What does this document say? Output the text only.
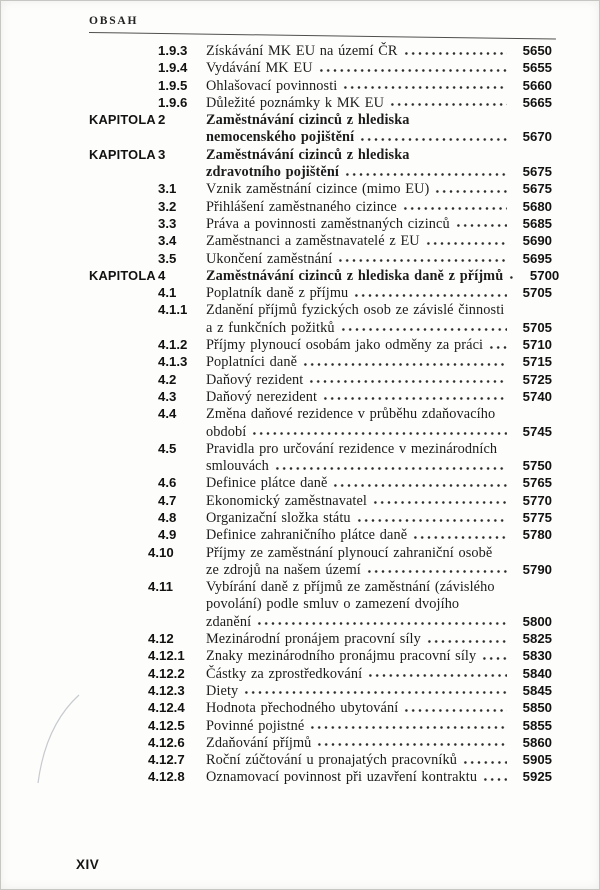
OBSAH
1.9.3	Získávání MK EU na území ČR	5650
1.9.4	Vydávání MK EU	5655
1.9.5	Ohlašovací povinnosti	5660
1.9.6	Důležité poznámky k MK EU	5665
KAPITOLA 2	Zaměstnávání cizinců z hlediska
nemocenského pojištění	5670
KAPITOLA 3	Zaměstnávání cizinců z hlediska
zdravotního pojištění	5675
3.1	Vznik zaměstnání cizince (mimo EU)	5675
3.2	Přihlášení zaměstnaného cizince	5680
3.3	Práva a povinnosti zaměstnaných cizinců	5685
3.4	Zaměstnanci a zaměstnavatelé z EU	5690
3.5	Ukončení zaměstnání	5695
KAPITOLA 4	Zaměstnávání cizinců z hlediska daně z příjmů	5700
4.1	Poplatník daně z příjmu	5705
4.1.1	Zdanění příjmů fyzických osob ze závislé činnosti
a z funkčních požitků	5705
4.1.2	Příjmy plynoucí osobám jako odměny za práci	5710
4.1.3	Poplatníci daně	5715
4.2	Daňový rezident	5725
4.3	Daňový nerezident	5740
4.4	Změna daňové rezidence v průběhu zdaňovacího
období	5745
4.5	Pravidla pro určování rezidence v mezinárodních
smlouvách	5750
4.6	Definice plátce daně	5765
4.7	Ekonomický zaměstnavatel	5770
4.8	Organizační složka státu	5775
4.9	Definice zahraničního plátce daně	5780
4.10	Příjmy ze zaměstnání plynoucí zahraniční osobě
ze zdrojů na našem území	5790
4.11	Vybírání daně z příjmů ze zaměstnání (závislého
povolání) podle smluv o zamezení dvojího
zdanění	5800
4.12	Mezinárodní pronájem pracovní síly	5825
4.12.1	Znaky mezinárodního pronájmu pracovní síly	5830
4.12.2	Částky za zprostředkování	5840
4.12.3	Diety	5845
4.12.4	Hodnota přechodného ubytování	5850
4.12.5	Povinné pojistné	5855
4.12.6	Zdaňování příjmů	5860
4.12.7	Roční zúčtování u pronajatých pracovníků	5905
4.12.8	Oznamovací povinnost při uzavření kontraktu	5925
XIV
